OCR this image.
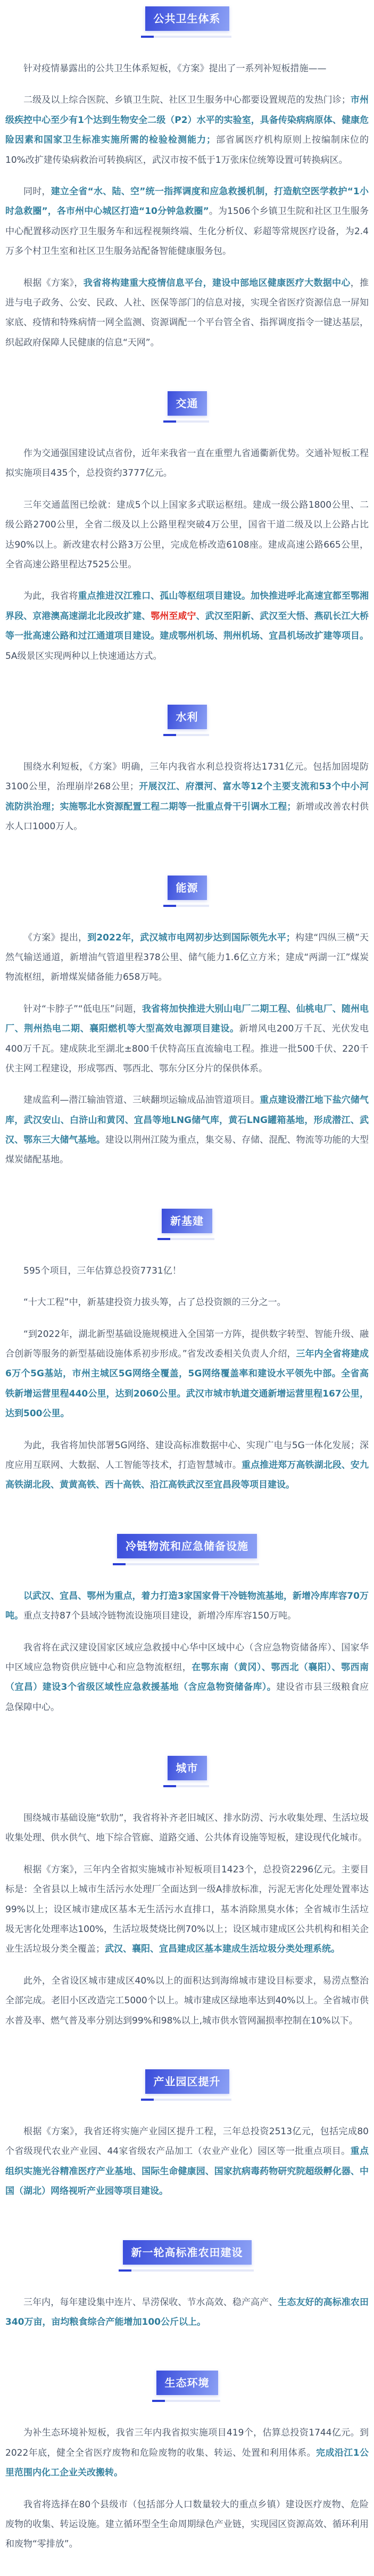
公共卫生体系

针对疫情暴露出的公共卫生体系短板，《方案》提出了一系列补短板措施——

二级及以上综合医院、乡镇卫生院、社区卫生服务中心都要设置规范的发热门诊；市州级疾控中心至少有1个达到生物安全二级（P2）水平的实验室，具备传染病病原体、健康危险因素和国家卫生标准实施所需的检验检测能力；部省属医疗机构原则上按编制床位的10%改扩建传染病救治可转换病区，武汉市按不低于1万张床位统筹设置可转换病区。

同时，建立全省“水、陆、空”统一指挥调度和应急救援机制，打造航空医学救护“1小时急救圈”，各市州中心城区打造“10分钟急救圈”。为1506个乡镇卫生院和社区卫生服务中心配置移动医疗卫生服务车和远程视频终端、生化分析仪、彩超等常规医疗设备，为2.4万多个村卫生室和社区卫生服务站配备智能健康服务包。

根据《方案》，我省将构建重大疫情信息平台，建设中部地区健康医疗大数据中心，推进与电子政务、公安、民政、人社、医保等部门的信息对接，实现全省医疗资源信息一屏知家底、疫情和特殊病情一网全监测、资源调配一个平台管全省、指挥调度指令一键达基层，织起政府保障人民健康的信息“天网”。

交通

作为交通强国建设试点省份，近年来我省一直在重塑九省通衢新优势。交通补短板工程拟实施项目435个，总投资约3777亿元。

三年交通蓝图已绘就：建成5个以上国家多式联运枢纽。建成一级公路1800公里、二级公路2700公里，全省二级及以上公路里程突破4万公里，国省干道二级及以上公路占比达90%以上。新改建农村公路3万公里，完成危桥改造6108座。建成高速公路665公里，全省高速公路里程达7525公里。

为此，我省将重点推进汉江雅口、孤山等枢纽项目建设。加快推进呼北高速宜都至鄂湘界段、京港澳高速湖北北段改扩建、鄂州至咸宁、武汉至阳新、武汉至大悟、燕矶长江大桥等一批高速公路和过江通道项目建设。建成鄂州机场、荆州机场、宜昌机场改扩建等项目。5A级景区实现两种以上快速通达方式。

水利

围绕水利短板，《方案》明确，三年内我省水利总投资将达1731亿元。包括加固堤防3100公里，治理崩岸268公里；开展汉江、府澴河、富水等12个主要支流和53个中小河流防洪治理；实施鄂北水资源配置工程二期等一批重点骨干引调水工程；新增或改善农村供水人口1000万人。

能源

《方案》提出，到2022年，武汉城市电网初步达到国际领先水平；构建“四纵三横”天然气输送通道，新增油气管道里程378公里、储气能力1.6亿立方米；建成“两湖一江”煤炭物流枢纽，新增煤炭储备能力658万吨。

针对“卡脖子”“低电压”问题，我省将加快推进大别山电厂二期工程、仙桃电厂、随州电厂、荆州热电二期、襄阳燃机等大型高效电源项目建设。新增风电200万千瓦、光伏发电400万千瓦。建成陕北至湖北±800千伏特高压直流输电工程。推进一批500千伏、220千伏主网工程建设，形成鄂西、鄂西北、鄂东分区分片的保供体系。

建成监利—潜江输油管道、三峡翻坝运输成品油管道项目。重点建设潜江地下盐穴储气库，武汉安山、白浒山和黄冈、宜昌等地LNG储气库，黄石LNG罐箱基地，形成潜江、武汉、鄂东三大储气基地。建设以荆州江陵为重点，集交易、存储、混配、物流等功能的大型煤炭储配基地。

新基建

595个项目，三年估算总投资7731亿！

“十大工程”中，新基建投资力拔头筹，占了总投资额的三分之一。

“到2022年，湖北新型基础设施规模进入全国第一方阵，提供数字转型、智能升级、融合创新等服务的新型基础设施体系初步形成。”省发改委相关负责人介绍，三年内全省将建成6万个5G基站，市州主城区5G网络全覆盖，5G网络覆盖率和建设水平领先中部。全省高铁新增运营里程440公里，达到2060公里。武汉市城市轨道交通新增运营里程167公里，达到500公里。

为此，我省将加快部署5G网络、建设高标准数据中心、实现广电与5G一体化发展；深度应用互联网、大数据、人工智能等技术，打造智慧城市。重点推进郑万高铁湖北段、安九高铁湖北段、黄黄高铁、西十高铁、沿江高铁武汉至宜昌段等项目建设。

冷链物流和应急储备设施

以武汉、宜昌、鄂州为重点，着力打造3家国家骨干冷链物流基地，新增冷库库容70万吨。重点支持87个县域冷链物流设施项目建设，新增冷库库容150万吨。

我省将在武汉建设国家区域应急救援中心华中区域中心（含应急物资储备库）、国家华中区域应急物资供应链中心和应急物流枢纽，在鄂东南（黄冈）、鄂西北（襄阳）、鄂西南（宜昌）建设3个省级区域性应急救援基地（含应急物资储备库）。建设省市县三级粮食应急保障中心。

城市

围绕城市基础设施“软肋”，我省将补齐老旧城区、排水防涝、污水收集处理、生活垃圾收集处理、供水供气、地下综合管廊、道路交通、公共体育设施等短板，建设现代化城市。

根据《方案》，三年内全省拟实施城市补短板项目1423个，总投资2296亿元。主要目标是：全省县以上城市生活污水处理厂全面达到一级A排放标准，污泥无害化处理处置率达99%以上；设区城市建成区基本无生活污水直排口，基本消除黑臭水体；全省城市生活垃圾无害化处理率达100%，生活垃圾焚烧比例70%以上；设区城市建成区公共机构和相关企业生活垃圾分类全覆盖；武汉、襄阳、宜昌建成区基本建成生活垃圾分类处理系统。

此外，全省设区城市建成区40%以上的面积达到海绵城市建设目标要求，易涝点整治全部完成。老旧小区改造完工5000个以上。城市建成区绿地率达到40%以上。全省城市供水普及率、燃气普及率分别达到99%和98%以上,城市供水管网漏损率控制在10%以下。

产业园区提升

根据《方案》，我省还将实施产业园区提升工程，三年总投资2513亿元，包括完成80个省级现代农业产业园、44家省级农产品加工（农业产业化）园区等一批重点项目。重点组织实施光谷精准医疗产业基地、国际生命健康园、国家抗病毒药物研究院超级孵化器、中国（湖北）网络视听产业园等项目建设。

新一轮高标准农田建设

三年内，每年建设集中连片、旱涝保收、节水高效、稳产高产、生态友好的高标准农田340万亩，亩均粮食综合产能增加100公斤以上。

生态环境

为补生态环境补短板，我省三年内我省拟实施项目419个，估算总投资1744亿元。到2022年底，健全全省医疗废物和危险废物的收集、转运、处置和利用体系。完成沿江1公里范围内化工企业关改搬转。

我省将选择在80个县级市（包括部分人口数量较大的重点乡镇）建设医疗废物、危险废物的收集、转运设施。建立循环型全生命周期绿色产业链，实现园区资源高效、循环利用和废物“零排放”。
